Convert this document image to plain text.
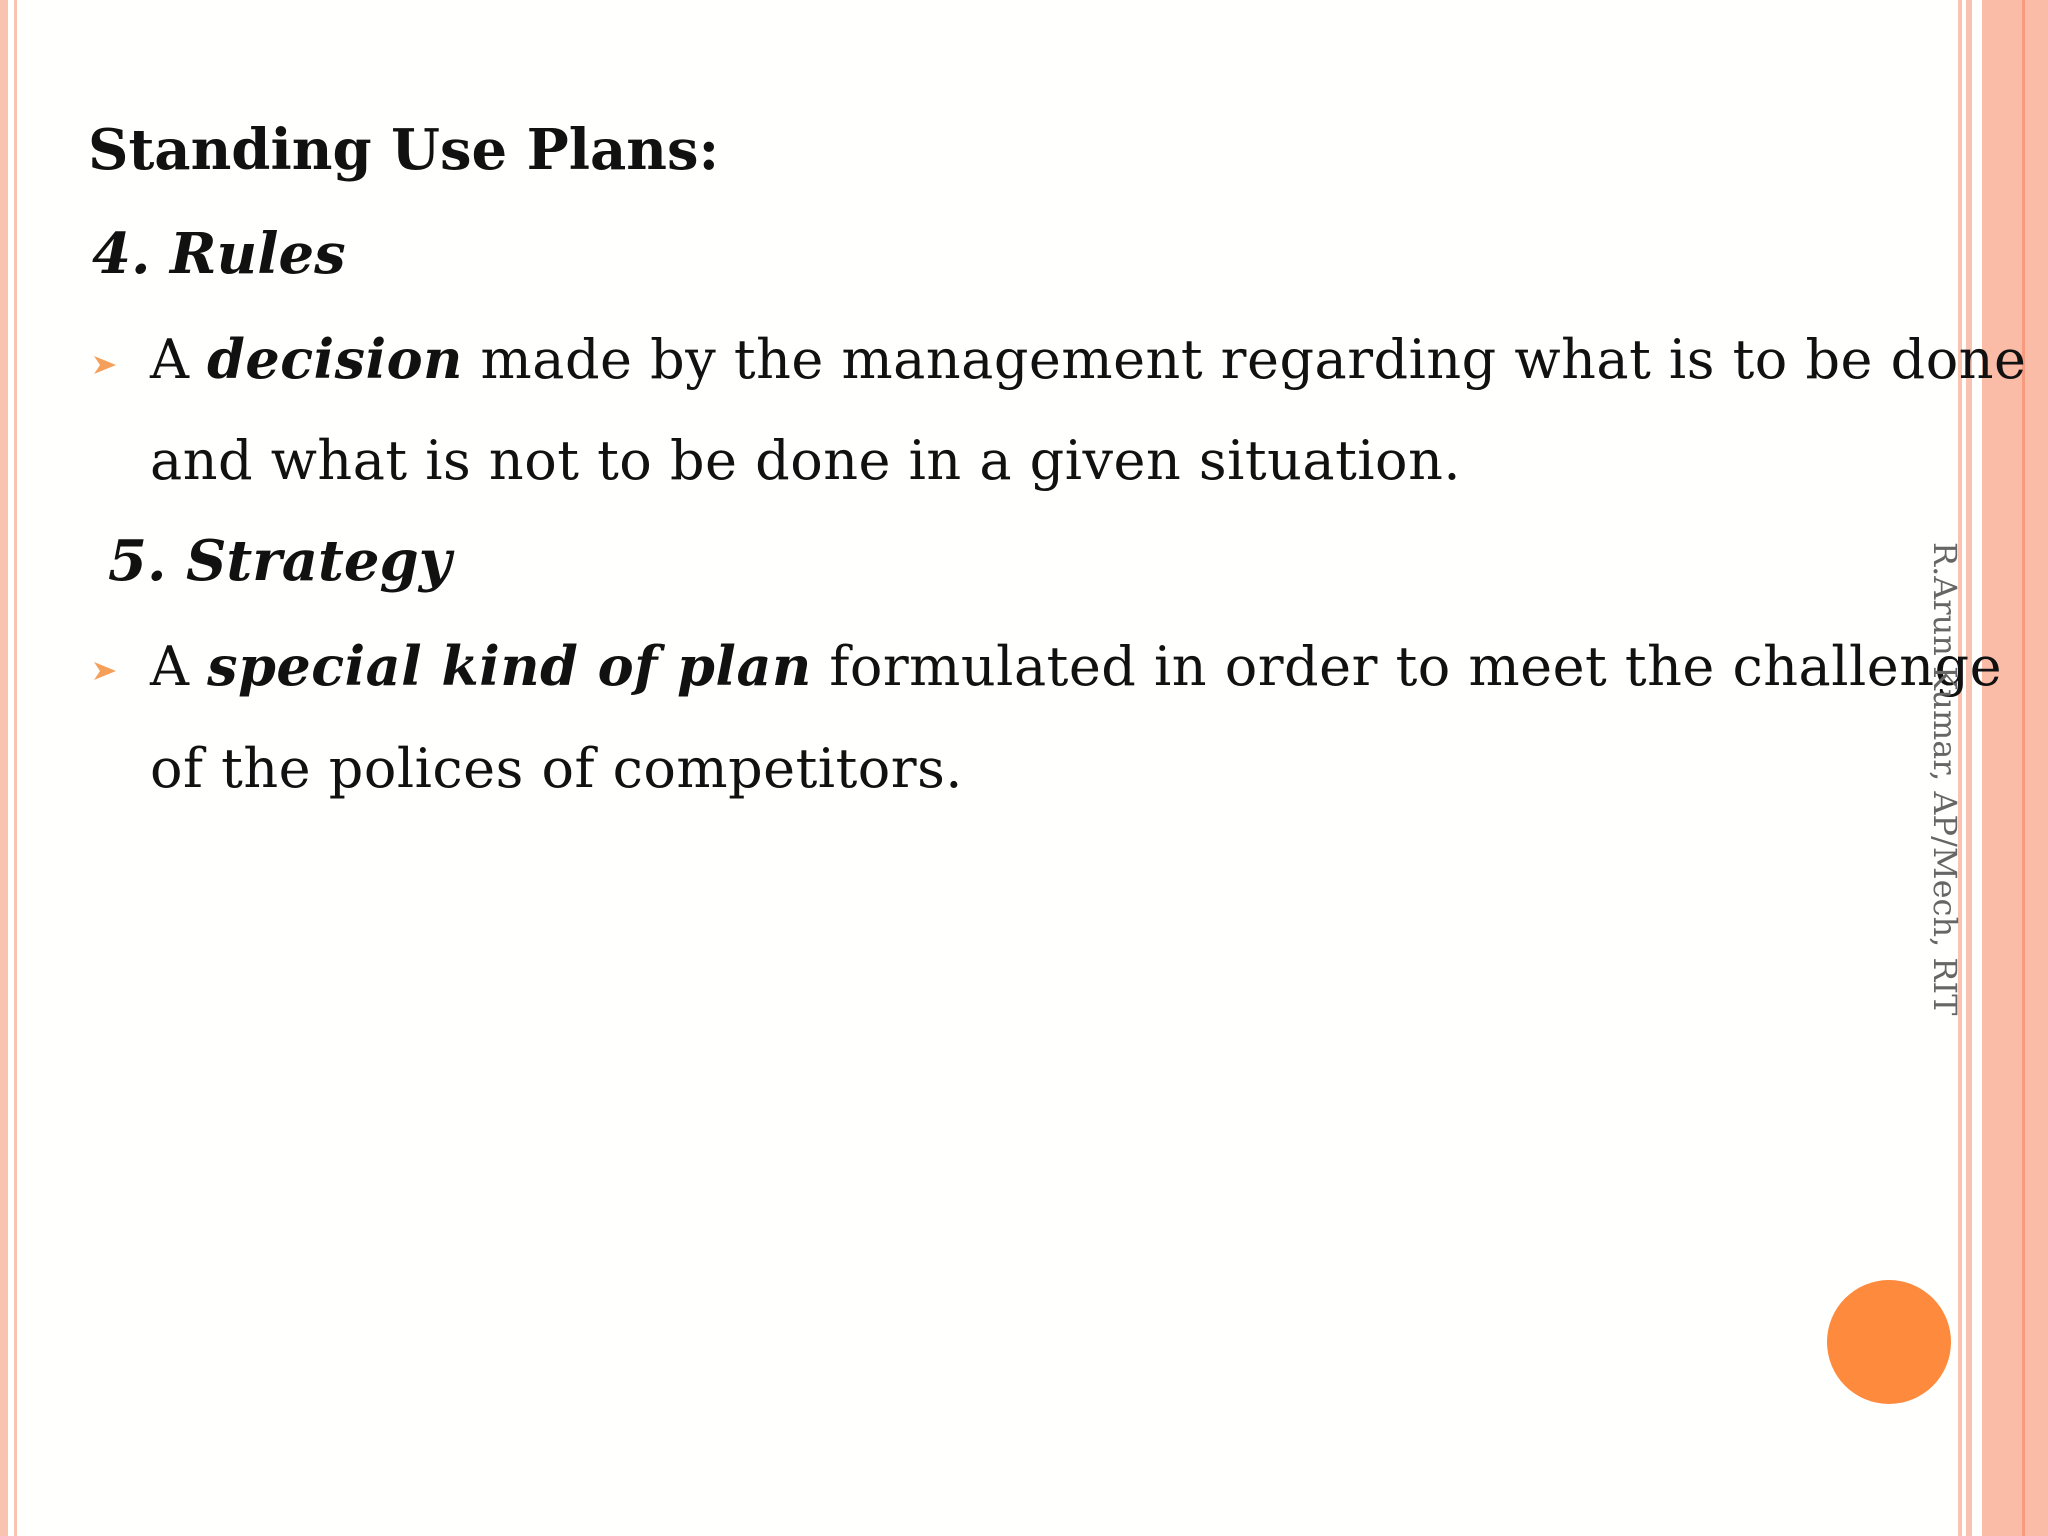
Standing Use Plans:
4. Rules
A decision made by the management regarding what is to be done
and what is not to be done in a given situation.
5. Strategy
A special kind of plan formulated in order to meet the challenge
of the polices of competitors.	R.Arun Kumar, AP/Mech, RIT
